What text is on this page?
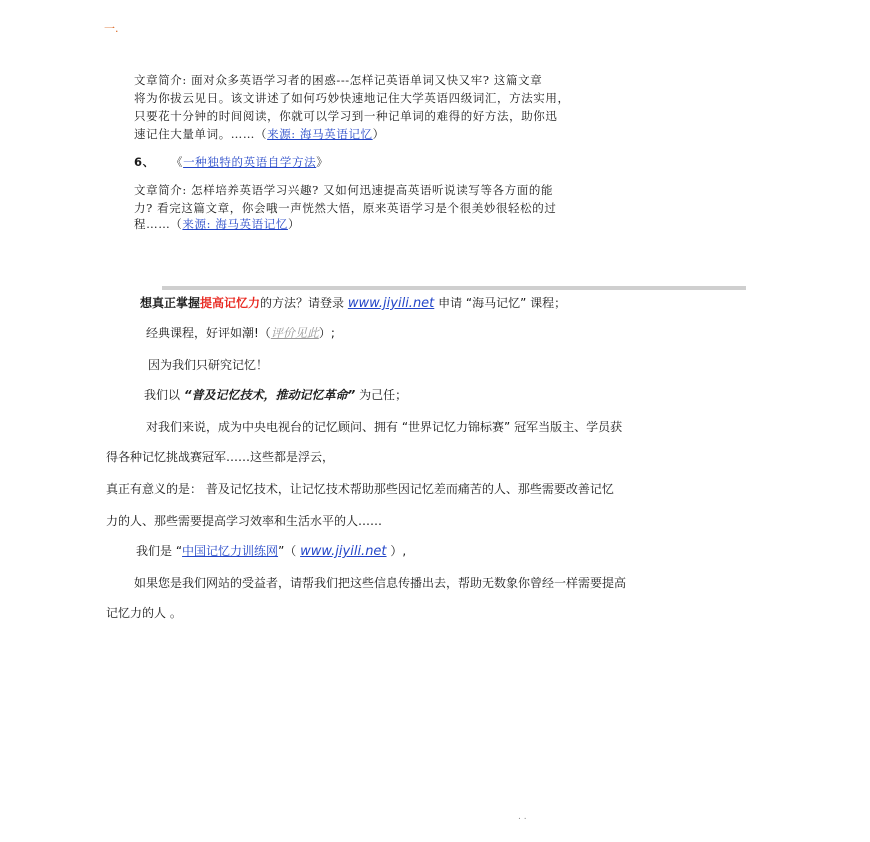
一.
文章简介: 面对众多英语学习者的困惑---怎样记英语单词又快又牢? 这篇文章
将为你拔云见日。该文讲述了如何巧妙快速地记住大学英语四级词汇，方法实用，
只要花十分钟的时间阅读，你就可以学习到一种记单词的难得的好方法，助你迅
速记住大量单词。……（来源: 海马英语记忆）
6、 《一种独特的英语自学方法》
文章简介: 怎样培养英语学习兴趣? 又如何迅速提高英语听说读写等各方面的能
力? 看完这篇文章，你会哦一声恍然大悟，原来英语学习是个很美妙很轻松的过
程……（来源: 海马英语记忆）
想真正掌握提高记忆力的方法？请登录 www.jiyili.net 申请 “海马记忆” 课程；
经典课程，好评如潮!（评价见此）;
因为我们只研究记忆！
我们以 “普及记忆技术，推动记忆革命” 为己任；
对我们来说，成为中央电视台的记忆顾问、拥有 “世界记忆力锦标赛” 冠军当版主、学员获
得各种记忆挑战赛冠军……这些都是浮云，
真正有意义的是： 普及记忆技术，让记忆技术帮助那些因记忆差而痛苦的人、那些需要改善记忆
力的人、那些需要提高学习效率和生活水平的人……
我们是 “中国记忆力训练网”（ www.jiyili.net ）,
如果您是我们网站的受益者，请帮我们把这些信息传播出去，帮助无数象你曾经一样需要提高
记忆力的人 。
. .
